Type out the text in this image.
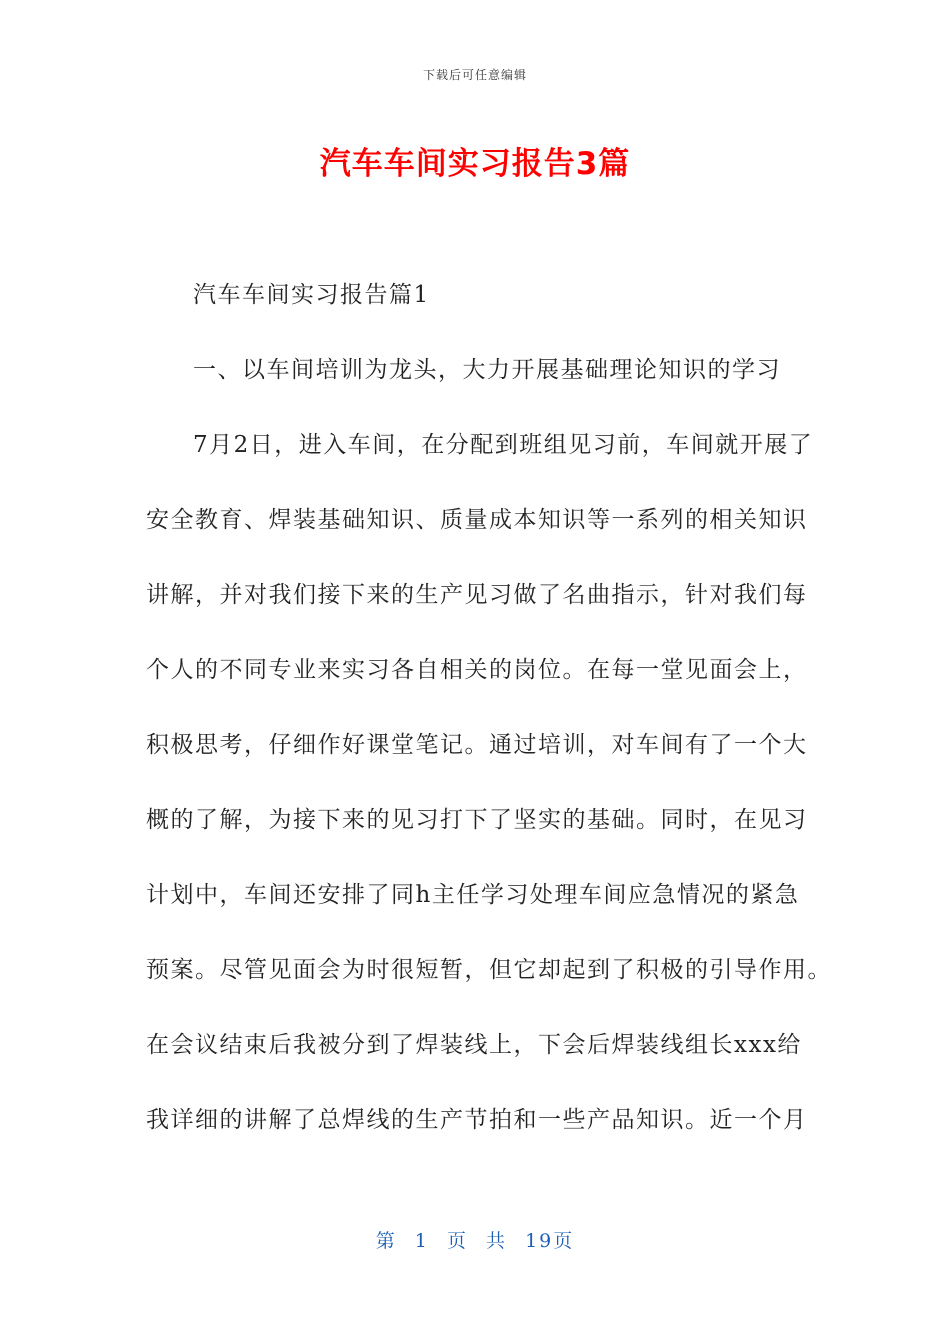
下载后可任意编辑
汽车车间实习报告3篇

汽车车间实习报告篇1

一、以车间培训为龙头，大力开展基础理论知识的学习

7月2日，进入车间，在分配到班组见习前，车间就开展了

安全教育、焊装基础知识、质量成本知识等一系列的相关知识

讲解，并对我们接下来的生产见习做了名曲指示，针对我们每

个人的不同专业来实习各自相关的岗位。在每一堂见面会上，

积极思考，仔细作好课堂笔记。通过培训，对车间有了一个大

概的了解，为接下来的见习打下了坚实的基础。同时，在见习

计划中，车间还安排了同h主任学习处理车间应急情况的紧急

预案。尽管见面会为时很短暂，但它却起到了积极的引导作用。

在会议结束后我被分到了焊装线上，下会后焊装线组长xxx给

我详细的讲解了总焊线的生产节拍和一些产品知识。近一个月

第 1 页 共 19页
